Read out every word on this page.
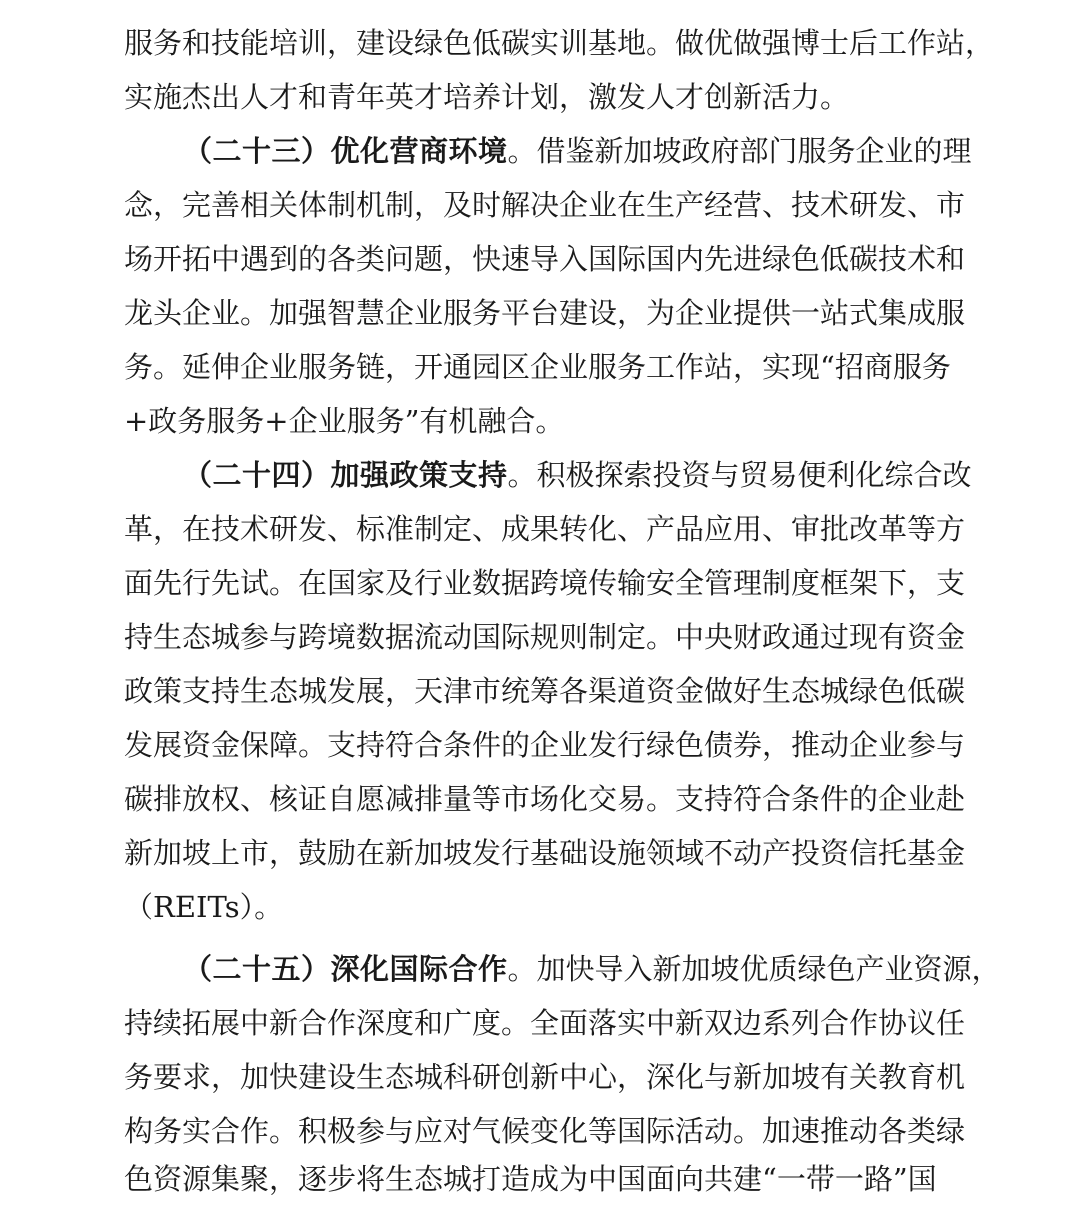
服务和技能培训，建设绿色低碳实训基地。做优做强博士后工作站，
实施杰出人才和青年英才培养计划，激发人才创新活力。
（二十三）优化营商环境。借鉴新加坡政府部门服务企业的理
念，完善相关体制机制，及时解决企业在生产经营、技术研发、市
场开拓中遇到的各类问题，快速导入国际国内先进绿色低碳技术和
龙头企业。加强智慧企业服务平台建设，为企业提供一站式集成服
务。延伸企业服务链，开通园区企业服务工作站，实现“招商服务
+政务服务+企业服务”有机融合。
（二十四）加强政策支持。积极探索投资与贸易便利化综合改
革，在技术研发、标准制定、成果转化、产品应用、审批改革等方
面先行先试。在国家及行业数据跨境传输安全管理制度框架下，支
持生态城参与跨境数据流动国际规则制定。中央财政通过现有资金
政策支持生态城发展，天津市统筹各渠道资金做好生态城绿色低碳
发展资金保障。支持符合条件的企业发行绿色债券，推动企业参与
碳排放权、核证自愿减排量等市场化交易。支持符合条件的企业赴
新加坡上市，鼓励在新加坡发行基础设施领域不动产投资信托基金
（REITs）。
（二十五）深化国际合作。加快导入新加坡优质绿色产业资源，
持续拓展中新合作深度和广度。全面落实中新双边系列合作协议任
务要求，加快建设生态城科研创新中心，深化与新加坡有关教育机
构务实合作。积极参与应对气候变化等国际活动。加速推动各类绿
色资源集聚，逐步将生态城打造成为中国面向共建“一带一路”国
